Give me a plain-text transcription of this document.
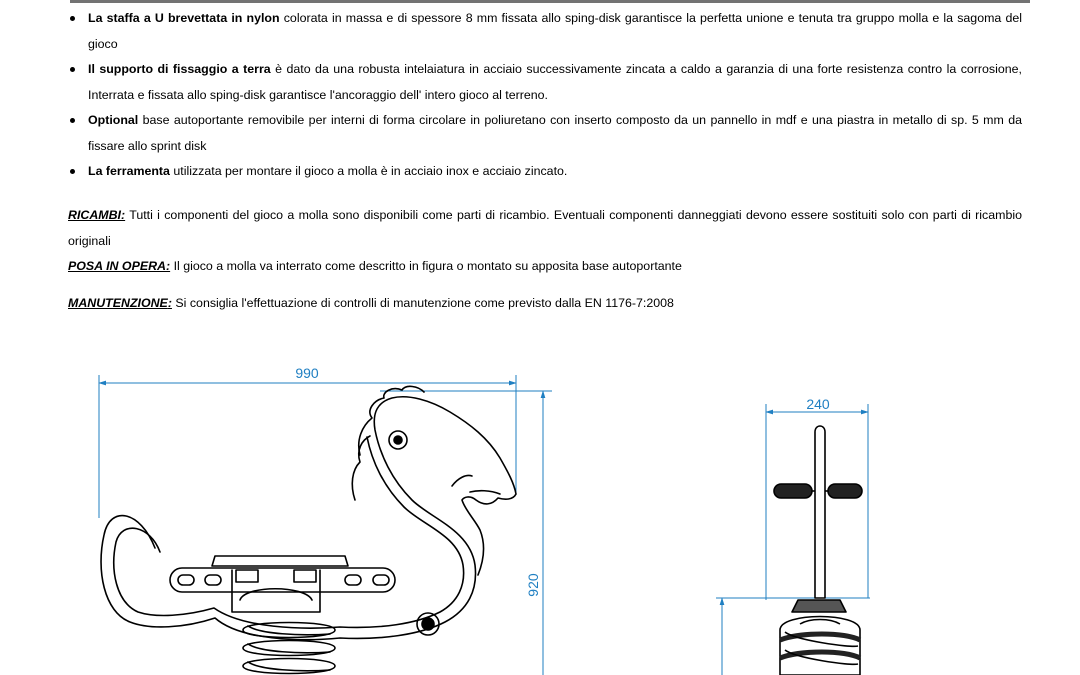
La staffa a U brevettata in nylon colorata in massa e di spessore 8 mm fissata allo sping-disk garantisce la perfetta unione e tenuta tra gruppo molla e la sagoma del gioco
Il supporto di fissaggio a terra è dato da una robusta intelaiatura in acciaio successivamente zincata a caldo a garanzia di una forte resistenza contro la corrosione, Interrata e fissata allo sping-disk garantisce l'ancoraggio dell' intero gioco al terreno.
Optional base autoportante removibile per interni di forma circolare in poliuretano con inserto composto da un pannello in mdf e una piastra in metallo di sp. 5 mm da fissare allo sprint disk
La ferramenta utilizzata per montare il gioco a molla è in acciaio inox e acciaio zincato.
RICAMBI: Tutti i componenti del gioco a molla sono disponibili come parti di ricambio. Eventuali componenti danneggiati devono essere sostituiti solo con parti di ricambio originali
POSA IN OPERA: Il gioco a molla va interrato come descritto in figura o montato su apposita base autoportante
MANUTENZIONE: Si consiglia l'effettuazione di controlli di manutenzione come previsto dalla EN 1176-7:2008
990
920
240
